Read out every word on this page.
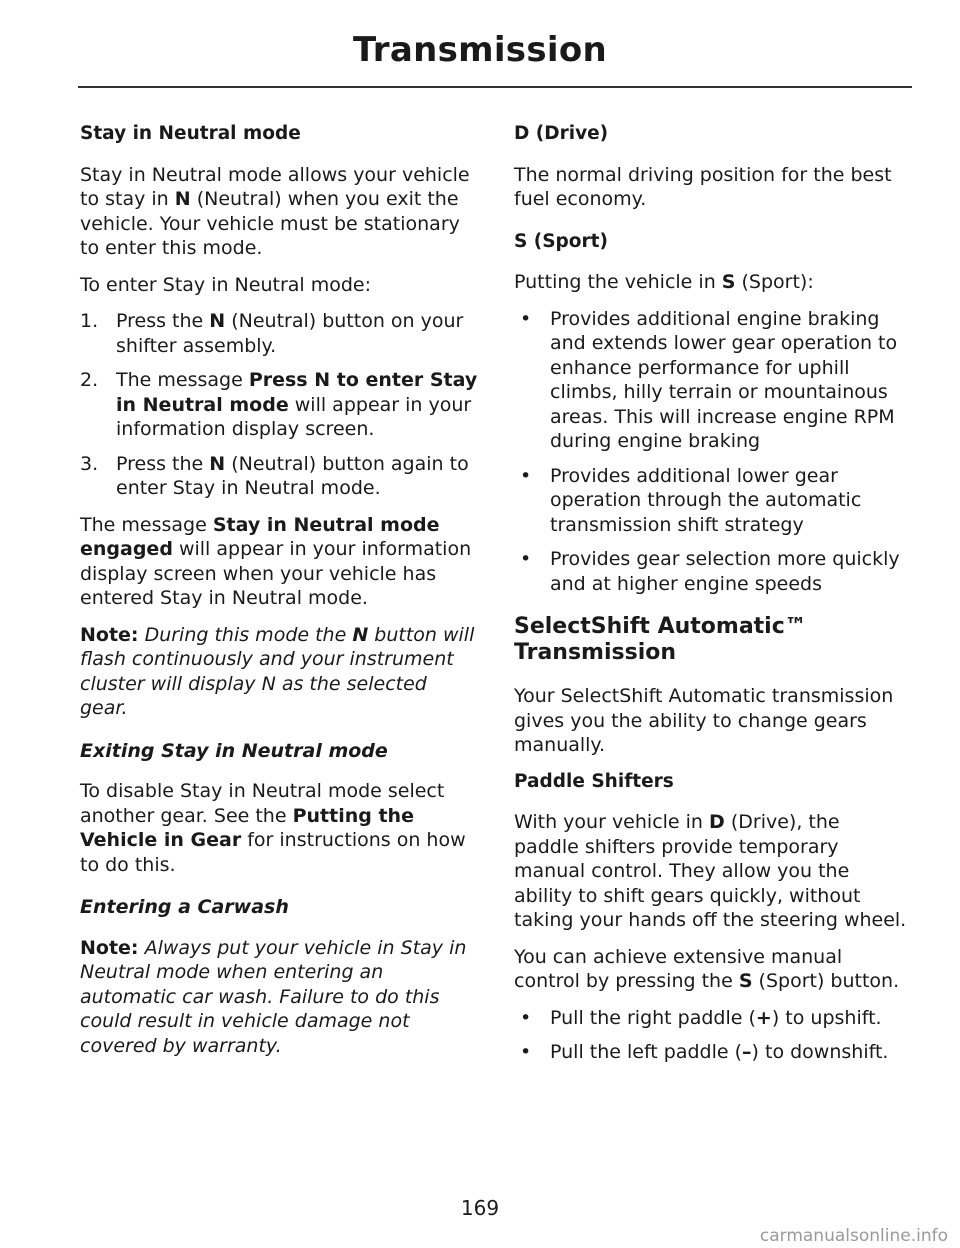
Transmission
Stay in Neutral mode

Stay in Neutral mode allows your vehicle to stay in N (Neutral) when you exit the vehicle. Your vehicle must be stationary to enter this mode.

To enter Stay in Neutral mode:

1. Press the N (Neutral) button on your shifter assembly.
2. The message Press N to enter Stay in Neutral mode will appear in your information display screen.
3. Press the N (Neutral) button again to enter Stay in Neutral mode.

The message Stay in Neutral mode engaged will appear in your information display screen when your vehicle has entered Stay in Neutral mode.

Note: During this mode the N button will flash continuously and your instrument cluster will display N as the selected gear.

Exiting Stay in Neutral mode

To disable Stay in Neutral mode select another gear. See the Putting the Vehicle in Gear for instructions on how to do this.

Entering a Carwash

Note: Always put your vehicle in Stay in Neutral mode when entering an automatic car wash. Failure to do this could result in vehicle damage not covered by warranty.

D (Drive)

The normal driving position for the best fuel economy.

S (Sport)

Putting the vehicle in S (Sport):

• Provides additional engine braking and extends lower gear operation to enhance performance for uphill climbs, hilly terrain or mountainous areas. This will increase engine RPM during engine braking
• Provides additional lower gear operation through the automatic transmission shift strategy
• Provides gear selection more quickly and at higher engine speeds
SelectShift Automatic™ Transmission

Your SelectShift Automatic transmission gives you the ability to change gears manually.

Paddle Shifters

With your vehicle in D (Drive), the paddle shifters provide temporary manual control. They allow you the ability to shift gears quickly, without taking your hands off the steering wheel.

You can achieve extensive manual control by pressing the S (Sport) button.

• Pull the right paddle (+) to upshift.
• Pull the left paddle (–) to downshift.
169
carmanualsonline.info
